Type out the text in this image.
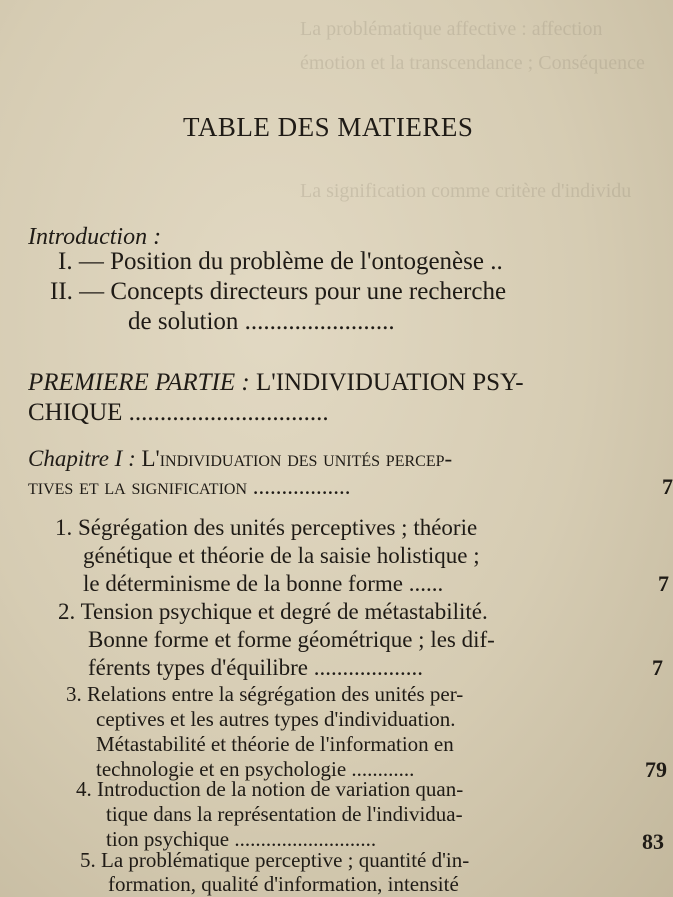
La problématique affective : affection
émotion et la transcendance ; Conséquence
La signification comme critère d'individu
TABLE DES MATIERES
Introduction :
I. — Position du problème de l'ontogenèse ..
II. — Concepts directeurs pour une recherche
de solution ........................
PREMIERE PARTIE : L'INDIVIDUATION PSY-
CHIQUE ................................
Chapitre I : L'individuation des unités percep-
tives et la signification .................	7
1. Ségrégation des unités perceptives ; théorie
génétique et théorie de la saisie holistique ;
le déterminisme de la bonne forme ......	7
2. Tension psychique et degré de métastabilité.
Bonne forme et forme géométrique ; les dif-
férents types d'équilibre ...................	7
3. Relations entre la ségrégation des unités per-
ceptives et les autres types d'individuation.
Métastabilité et théorie de l'information en
technologie et en psychologie ............	79
4. Introduction de la notion de variation quan-
tique dans la représentation de l'individua-
tion psychique ...........................	83
5. La problématique perceptive ; quantité d'in-
formation, qualité d'information, intensité
